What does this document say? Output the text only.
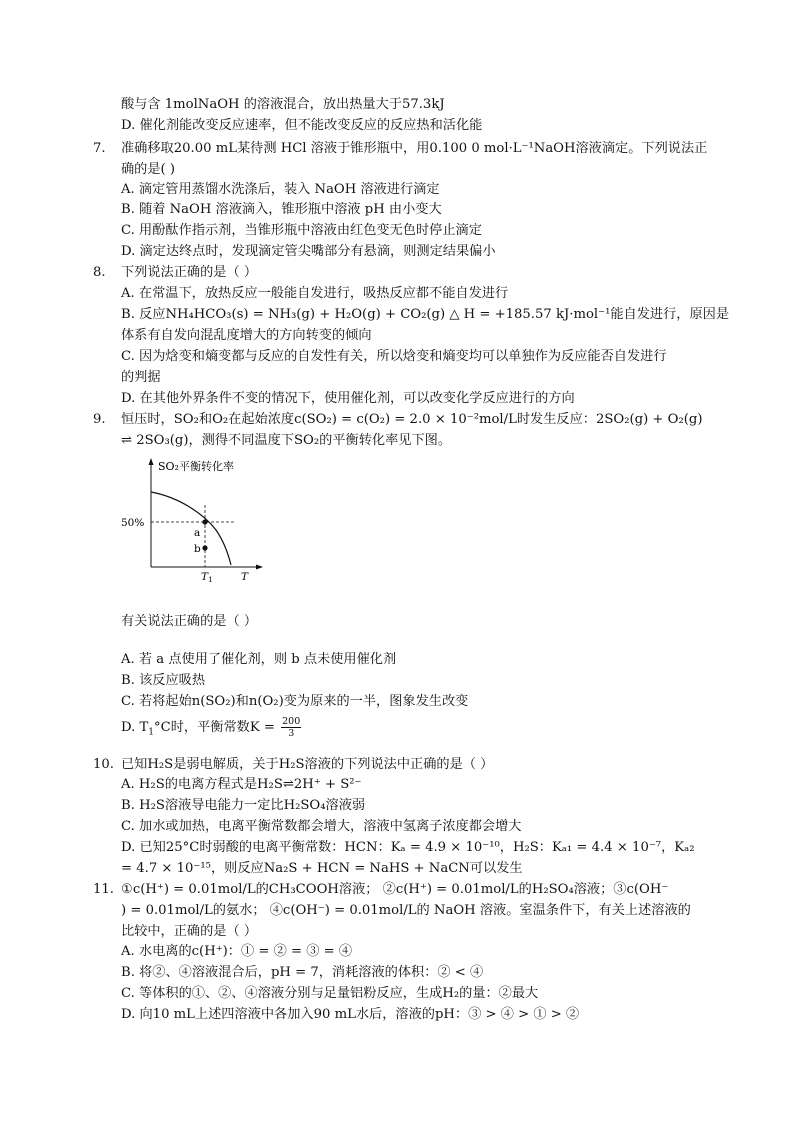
酸与含 1molNaOH 的溶液混合，放出热量大于57.3kJ
D. 催化剂能改变反应速率，但不能改变反应的反应热和活化能
准确移取20.00 mL某待测 HCl 溶液于锥形瓶中，用0.100 0 mol·L⁻¹NaOH溶液滴定。下列说法正
确的是( )
A. 滴定管用蒸馏水洗涤后，装入 NaOH 溶液进行滴定
B. 随着 NaOH 溶液滴入，锥形瓶中溶液 pH 由小变大
C. 用酚酞作指示剂，当锥形瓶中溶液由红色变无色时停止滴定
D. 滴定达终点时，发现滴定管尖嘴部分有悬滴，则测定结果偏小
下列说法正确的是（ ）
A. 在常温下，放热反应一般能自发进行，吸热反应都不能自发进行
B. 反应NH₄HCO₃(s) = NH₃(g) + H₂O(g) + CO₂(g) △ H = +185.57 kJ·mol⁻¹能自发进行，原因是
体系有自发向混乱度增大的方向转变的倾向
C. 因为焓变和熵变都与反应的自发性有关，所以焓变和熵变均可以单独作为反应能否自发进行
的判据
D. 在其他外界条件不变的情况下，使用催化剂，可以改变化学反应进行的方向
恒压时，SO₂和O₂在起始浓度c(SO₂) = c(O₂) = 2.0 × 10⁻²mol/L时发生反应：2SO₂(g) + O₂(g)
⇌ 2SO₃(g)，测得不同温度下SO₂的平衡转化率见下图。
有关说法正确的是（ ）
A. 若 a 点使用了催化剂，则 b 点未使用催化剂
B. 该反应吸热
C. 若将起始n(SO₂)和n(O₂)变为原来的一半，图象发生改变
已知H₂S是弱电解质，关于H₂S溶液的下列说法中正确的是（ ）
A. H₂S的电离方程式是H₂S⇌2H⁺ + S²⁻
B. H₂S溶液导电能力一定比H₂SO₄溶液弱
C. 加水或加热，电离平衡常数都会增大，溶液中氢离子浓度都会增大
D. 已知25°C时弱酸的电离平衡常数：HCN：Kₐ = 4.9 × 10⁻¹⁰，H₂S：Kₐ₁ = 4.4 × 10⁻⁷，Kₐ₂
= 4.7 × 10⁻¹⁵，则反应Na₂S + HCN = NaHS + NaCN可以发生
①c(H⁺) = 0.01mol/L的CH₃COOH溶液； ②c(H⁺) = 0.01mol/L的H₂SO₄溶液；③c(OH⁻
) = 0.01mol/L的氨水； ④c(OH⁻) = 0.01mol/L的 NaOH 溶液。室温条件下，有关上述溶液的
比较中，正确的是（ ）
A. 水电离的c(H⁺)：① = ② = ③ = ④
B. 将②、④溶液混合后，pH = 7，消耗溶液的体积：② < ④
C. 等体积的①、②、④溶液分别与足量铝粉反应，生成H₂的量：②最大
D. 向10 mL上述四溶液中各加入90 mL水后，溶液的pH：③ > ④ > ① > ②
7.
8.
9.
10.
11.
SO₂平衡转化率
50%
a
b
T1	T
D. $T_1^\circ C$时，平衡常数$K = \frac{200}{3}$
